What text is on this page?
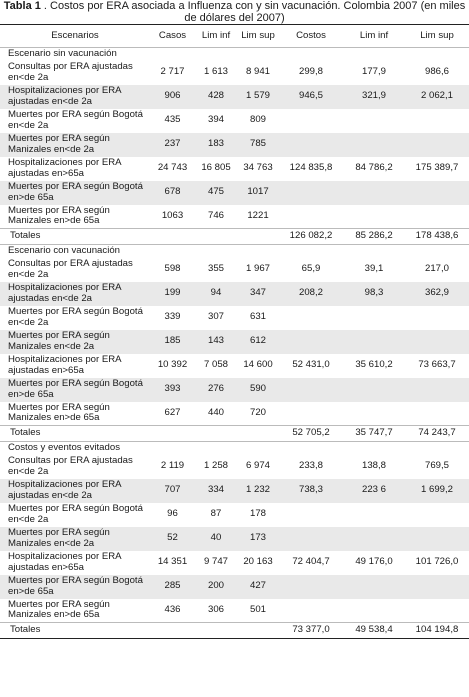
Tabla 1 . Costos por ERA asociada a Influenza con y sin vacunación. Colombia 2007 (en miles de dólares del 2007)
Escenarios	Casos	Lim inf	Lim sup	Costos	Lim inf	Lim sup
Escenario sin vacunación						
Consultas por ERA ajustadas en<de 2a	2 717	1 613	8 941	299,8	177,9	986,6
Hospitalizaciones por ERA ajustadas en<de 2a	906	428	1 579	946,5	321,9	2 062,1
Muertes por ERA según Bogotá en<de 2a	435	394	809			
Muertes por ERA según Manizales en<de 2a	237	183	785			
Hospitalizaciones por ERA ajustadas en>65a	24 743	16 805	34 763	124 835,8	84 786,2	175 389,7
Muertes por ERA según Bogotá en>de 65a	678	475	1017			
Muertes por ERA según Manizales en>de 65a	1063	746	1221			
Totales				126 082,2	85 286,2	178 438,6
Escenario con vacunación						
Consultas por ERA ajustadas en<de 2a	598	355	1 967	65,9	39,1	217,0
Hospitalizaciones por ERA ajustadas en<de 2a	199	94	347	208,2	98,3	362,9
Muertes por ERA según Bogotá en<de 2a	339	307	631			
Muertes por ERA según Manizales en<de 2a	185	143	612			
Hospitalizaciones por ERA ajustadas en>65a	10 392	7 058	14 600	52 431,0	35 610,2	73 663,7
Muertes por ERA según Bogotá en>de 65a	393	276	590			
Muertes por ERA según Manizales en>de 65a	627	440	720			
Totales				52 705,2	35 747,7	74 243,7
Costos y eventos evitados						
Consultas por ERA ajustadas en<de 2a	2 119	1 258	6 974	233,8	138,8	769,5
Hospitalizaciones por ERA ajustadas en<de 2a	707	334	1 232	738,3	223 6	1 699,2
Muertes por ERA según Bogotá en<de 2a	96	87	178			
Muertes por ERA según Manizales en<de 2a	52	40	173			
Hospitalizaciones por ERA ajustadas en>65a	14 351	9 747	20 163	72 404,7	49 176,0	101 726,0
Muertes por ERA según Bogotá en>de 65a	285	200	427			
Muertes por ERA según Manizales en>de 65a	436	306	501			
Totales				73 377,0	49 538,4	104 194,8
